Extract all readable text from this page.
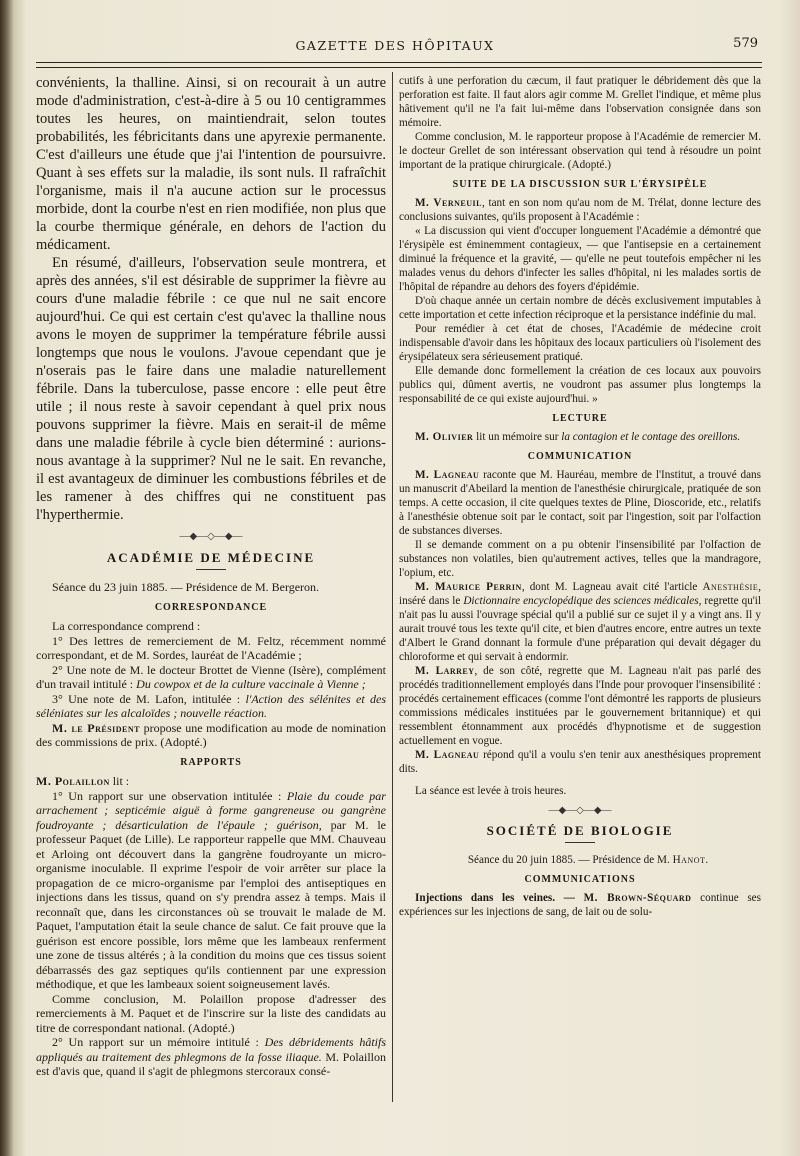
GAZETTE DES HÔPITAUX	579

convénients, la thalline. Ainsi, si on recourait à un autre mode d'administration, c'est-à-dire à 5 ou 10 centigrammes toutes les heures, on maintiendrait, selon toutes probabilités, les fébricitants dans une apyrexie permanente. C'est d'ailleurs une étude que j'ai l'intention de poursuivre. Quant à ses effets sur la maladie, ils sont nuls. Il rafraîchit l'organisme, mais il n'a aucune action sur le processus morbide, dont la courbe n'est en rien modifiée, non plus que la courbe thermique générale, en dehors de l'action du médicament.

En résumé, d'ailleurs, l'observation seule montrera, et après des années, s'il est désirable de supprimer la fièvre au cours d'une maladie fébrile : ce que nul ne sait encore aujourd'hui. Ce qui est certain c'est qu'avec la thalline nous avons le moyen de supprimer la température fébrile aussi longtemps que nous le voulons. J'avoue cependant que je n'oserais pas le faire dans une maladie naturellement fébrile. Dans la tuberculose, passe encore : elle peut être utile ; il nous reste à savoir cependant à quel prix nous pouvons supprimer la fièvre. Mais en serait-il de même dans une maladie fébrile à cycle bien déterminé : aurions-nous avantage à la supprimer? Nul ne le sait. En revanche, il est avantageux de diminuer les combustions fébriles et de les ramener à des chiffres qui ne constituent pas l'hyperthermie.

—◆—◇—◆—
ACADÉMIE DE MÉDECINE

Séance du 23 juin 1885. — Présidence de M. Bergeron.

CORRESPONDANCE

La correspondance comprend :

1° Des lettres de remerciement de M. Feltz, récemment nommé correspondant, et de M. Sordes, lauréat de l'Académie ;

2° Une note de M. le docteur Brottet de Vienne (Isère), complément d'un travail intitulé : Du cowpox et de la culture vaccinale à Vienne ;

3° Une note de M. Lafon, intitulée : l'Action des sélénites et des séléniates sur les alcaloïdes ; nouvelle réaction.

M. le Président propose une modification au mode de nomination des commissions de prix. (Adopté.)

RAPPORTS

M. Polaillon lit :

1° Un rapport sur une observation intitulée : Plaie du coude par arrachement ; septicémie aiguë à forme gangreneuse ou gangrène foudroyante ; désarticulation de l'épaule ; guérison, par M. le professeur Paquet (de Lille). Le rapporteur rappelle que MM. Chauveau et Arloing ont découvert dans la gangrène foudroyante un micro-organisme inoculable. Il exprime l'espoir de voir arrêter sur place la propagation de ce micro-organisme par l'emploi des antiseptiques en injections dans les tissus, quand on s'y prendra assez à temps. Mais il reconnaît que, dans les circonstances où se trouvait le malade de M. Paquet, l'amputation était la seule chance de salut. Ce fait prouve que la guérison est encore possible, lors même que les lambeaux renferment une zone de tissus altérés ; à la condition du moins que ces tissus soient débarrassés des gaz septiques qu'ils contiennent par une expression méthodique, et que les lambeaux soient soigneusement lavés.

Comme conclusion, M. Polaillon propose d'adresser des remerciements à M. Paquet et de l'inscrire sur la liste des candidats au titre de correspondant national. (Adopté.)

2° Un rapport sur un mémoire intitulé : Des débridements hâtifs appliqués au traitement des phlegmons de la fosse iliaque. M. Polaillon est d'avis que, quand il s'agit de phlegmons stercoraux consé-

cutifs à une perforation du cæcum, il faut pratiquer le débridement dès que la perforation est faite. Il faut alors agir comme M. Grellet l'indique, et même plus hâtivement qu'il ne l'a fait lui-même dans l'observation consignée dans son mémoire.

Comme conclusion, M. le rapporteur propose à l'Académie de remercier M. le docteur Grellet de son intéressant observation qui tend à résoudre un point important de la pratique chirurgicale. (Adopté.)

SUITE DE LA DISCUSSION SUR L'ÉRYSIPÈLE

M. Verneuil, tant en son nom qu'au nom de M. Trélat, donne lecture des conclusions suivantes, qu'ils proposent à l'Académie :

« La discussion qui vient d'occuper longuement l'Académie a démontré que l'érysipèle est éminemment contagieux, — que l'antisepsie en a certainement diminué la fréquence et la gravité, — qu'elle ne peut toutefois empêcher ni les malades venus du dehors d'infecter les salles d'hôpital, ni les malades sortis de l'hôpital de répandre au dehors des foyers d'épidémie.

D'où chaque année un certain nombre de décès exclusivement imputables à cette importation et cette infection réciproque et la persistance indéfinie du mal.

Pour remédier à cet état de choses, l'Académie de médecine croit indispensable d'avoir dans les hôpitaux des locaux particuliers où l'isolement des érysipélateux sera sérieusement pratiqué.

Elle demande donc formellement la création de ces locaux aux pouvoirs publics qui, dûment avertis, ne voudront pas assumer plus longtemps la responsabilité de ce qui existe aujourd'hui. »

LECTURE

M. Olivier lit un mémoire sur la contagion et le contage des oreillons.

COMMUNICATION

M. Lagneau raconte que M. Hauréau, membre de l'Institut, a trouvé dans un manuscrit d'Abeilard la mention de l'anesthésie chirurgicale, pratiquée de son temps. A cette occasion, il cite quelques textes de Pline, Dioscoride, etc., relatifs à l'anesthésie obtenue soit par le contact, soit par l'ingestion, soit par l'olfaction de substances diverses.

Il se demande comment on a pu obtenir l'insensibilité par l'olfaction de substances non volatiles, bien qu'autrement actives, telles que la mandragore, l'opium, etc.

M. Maurice Perrin, dont M. Lagneau avait cité l'article Anesthésie, inséré dans le Dictionnaire encyclopédique des sciences médicales, regrette qu'il n'ait pas lu aussi l'ouvrage spécial qu'il a publié sur ce sujet il y a vingt ans. Il y aurait trouvé tous les texte qu'il cite, et bien d'autres encore, entre autres un texte d'Albert le Grand donnant la formule d'une préparation qui devait dégager du chloroforme et qui servait à endormir.

M. Larrey, de son côté, regrette que M. Lagneau n'ait pas parlé des procédés traditionnellement employés dans l'Inde pour provoquer l'insensibilité : procédés certainement efficaces (comme l'ont démontré les rapports de plusieurs commissions médicales instituées par le gouvernement britannique) et qui ressemblent étonnamment aux procédés d'hypnotisme et de suggestion actuellement en vogue.

M. Lagneau répond qu'il a voulu s'en tenir aux anesthésiques proprement dits.

La séance est levée à trois heures.

—◆—◇—◆—
SOCIÉTÉ DE BIOLOGIE

Séance du 20 juin 1885. — Présidence de M. Hanot.

COMMUNICATIONS

Injections dans les veines. — M. Brown-Séquard continue ses expériences sur les injections de sang, de lait ou de solu-
